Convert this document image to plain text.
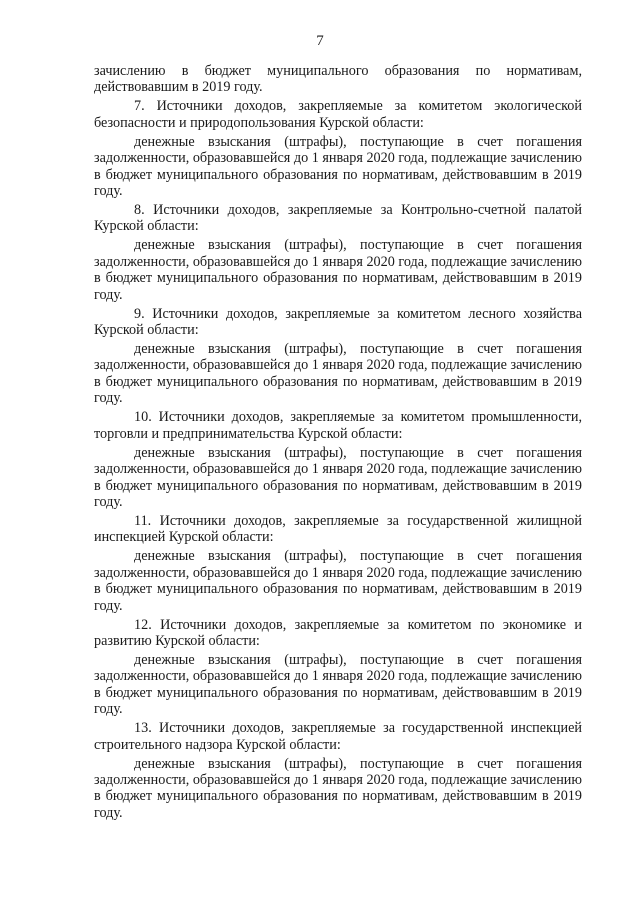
7

зачислению в бюджет муниципального образования по нормативам, действовавшим в 2019 году.

7. Источники доходов, закрепляемые за комитетом экологической безопасности и природопользования Курской области:

денежные взыскания (штрафы), поступающие в счет погашения задолженности, образовавшейся до 1 января 2020 года, подлежащие зачислению в бюджет муниципального образования по нормативам, действовавшим в 2019 году.

8. Источники доходов, закрепляемые за Контрольно-счетной палатой Курской области:

денежные взыскания (штрафы), поступающие в счет погашения задолженности, образовавшейся до 1 января 2020 года, подлежащие зачислению в бюджет муниципального образования по нормативам, действовавшим в 2019 году.

9. Источники доходов, закрепляемые за комитетом лесного хозяйства Курской области:

денежные взыскания (штрафы), поступающие в счет погашения задолженности, образовавшейся до 1 января 2020 года, подлежащие зачислению в бюджет муниципального образования по нормативам, действовавшим в 2019 году.

10. Источники доходов, закрепляемые за комитетом промышленности, торговли и предпринимательства Курской области:

денежные взыскания (штрафы), поступающие в счет погашения задолженности, образовавшейся до 1 января 2020 года, подлежащие зачислению в бюджет муниципального образования по нормативам, действовавшим в 2019 году.

11. Источники доходов, закрепляемые за государственной жилищной инспекцией Курской области:

денежные взыскания (штрафы), поступающие в счет погашения задолженности, образовавшейся до 1 января 2020 года, подлежащие зачислению в бюджет муниципального образования по нормативам, действовавшим в 2019 году.

12. Источники доходов, закрепляемые за комитетом по экономике и развитию Курской области:

денежные взыскания (штрафы), поступающие в счет погашения задолженности, образовавшейся до 1 января 2020 года, подлежащие зачислению в бюджет муниципального образования по нормативам, действовавшим в 2019 году.

13. Источники доходов, закрепляемые за государственной инспекцией строительного надзора Курской области:

денежные взыскания (штрафы), поступающие в счет погашения задолженности, образовавшейся до 1 января 2020 года, подлежащие зачислению в бюджет муниципального образования по нормативам, действовавшим в 2019 году.
